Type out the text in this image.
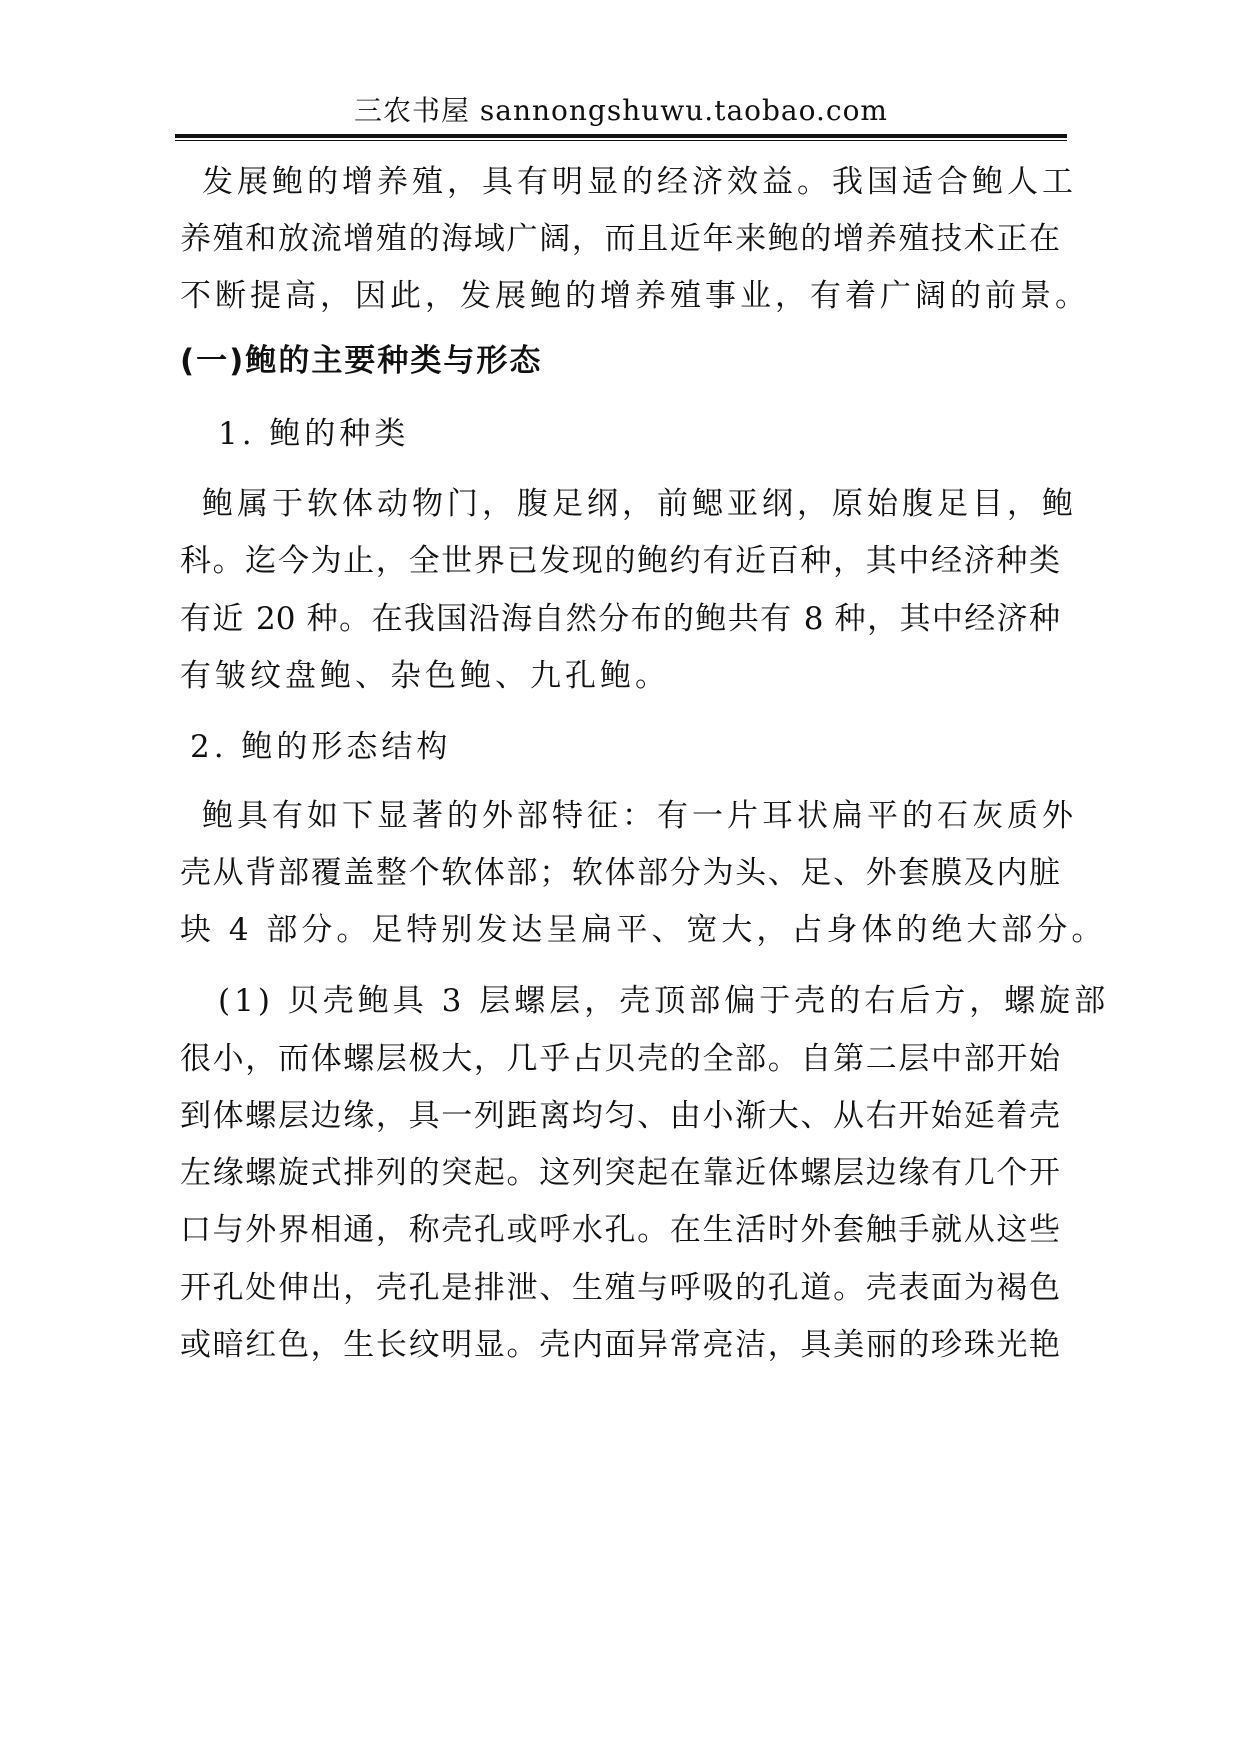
三农书屋 sannongshuwu.taobao.com
发展鲍的增养殖，具有明显的经济效益。我国适合鲍人工
养殖和放流增殖的海域广阔，而且近年来鲍的增养殖技术正在
不断提高，因此，发展鲍的增养殖事业，有着广阔的前景。
(一)鲍的主要种类与形态
1. 鲍的种类
鲍属于软体动物门，腹足纲，前鳃亚纲，原始腹足目，鲍
科。迄今为止，全世界已发现的鲍约有近百种，其中经济种类
有近 20 种。在我国沿海自然分布的鲍共有 8 种，其中经济种
有皱纹盘鲍、杂色鲍、九孔鲍。
2. 鲍的形态结构
鲍具有如下显著的外部特征：有一片耳状扁平的石灰质外
壳从背部覆盖整个软体部；软体部分为头、足、外套膜及内脏
块 4 部分。足特别发达呈扁平、宽大，占身体的绝大部分。
(1) 贝壳鲍具 3 层螺层，壳顶部偏于壳的右后方，螺旋部
很小，而体螺层极大，几乎占贝壳的全部。自第二层中部开始
到体螺层边缘，具一列距离均匀、由小渐大、从右开始延着壳
左缘螺旋式排列的突起。这列突起在靠近体螺层边缘有几个开
口与外界相通，称壳孔或呼水孔。在生活时外套触手就从这些
开孔处伸出，壳孔是排泄、生殖与呼吸的孔道。壳表面为褐色
或暗红色，生长纹明显。壳内面异常亮洁，具美丽的珍珠光艳
